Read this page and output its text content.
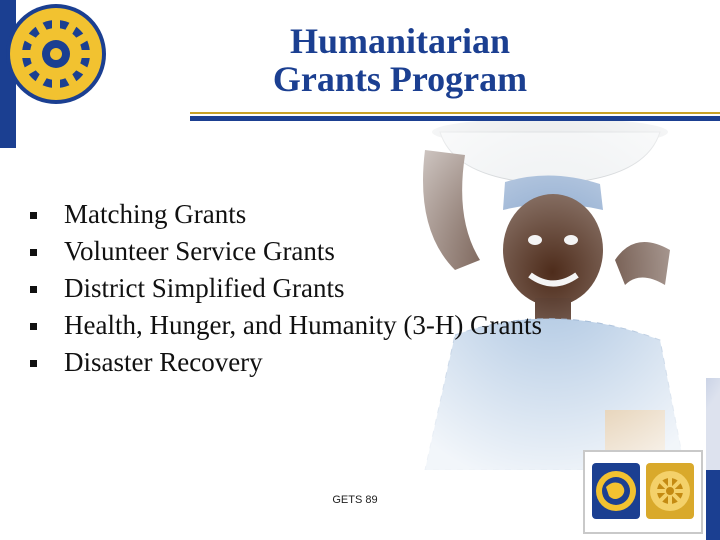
Humanitarian
Grants Program
Matching Grants
Volunteer Service Grants
District Simplified Grants
Health, Hunger, and Humanity (3-H) Grants
Disaster Recovery
GETS 89
